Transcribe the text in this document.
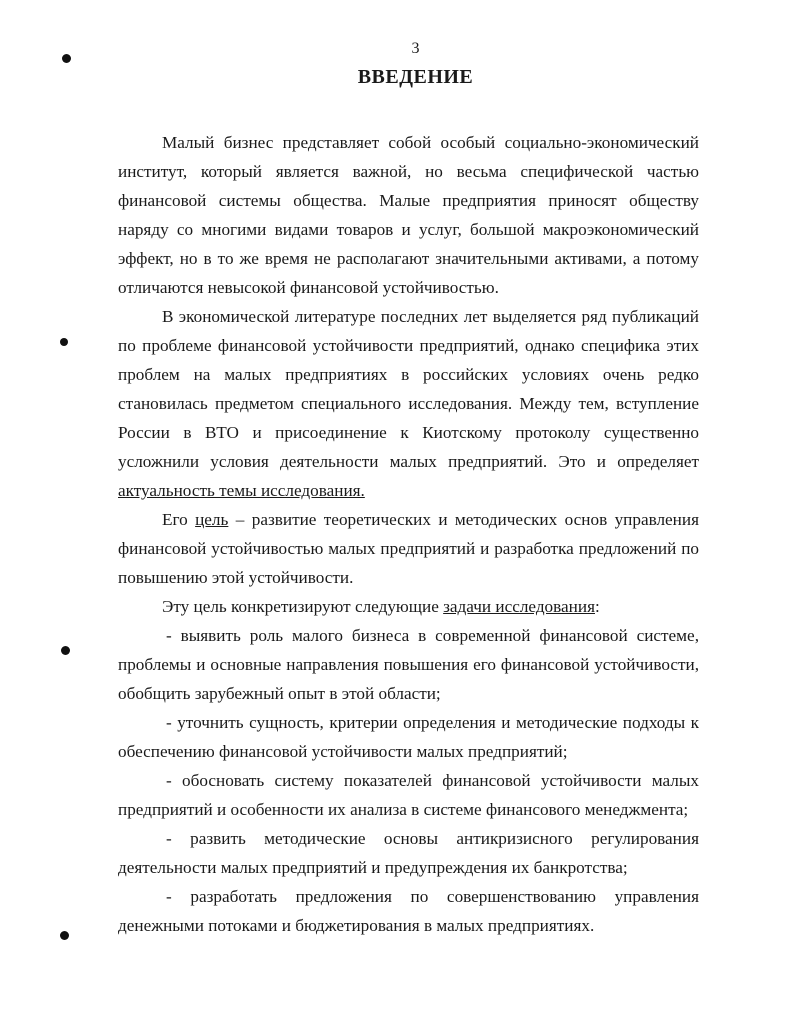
3
ВВЕДЕНИЕ

Малый бизнес представляет собой особый социально-экономический институт, который является важной, но весьма специфической частью финансовой системы общества. Малые предприятия приносят обществу наряду со многими видами товаров и услуг, большой макроэкономический эффект, но в то же время не располагают значительными активами, а потому отличаются невысокой финансовой устойчивостью.

В экономической литературе последних лет выделяется ряд публикаций по проблеме финансовой устойчивости предприятий, однако специфика этих проблем на малых предприятиях в российских условиях очень редко становилась предметом специального исследования. Между тем, вступление России в ВТО и присоединение к Киотскому протоколу существенно усложнили условия деятельности малых предприятий. Это и определяет актуальность темы исследования.

Его цель – развитие теоретических и методических основ управления финансовой устойчивостью малых предприятий и разработка предложений по повышению этой устойчивости.

Эту цель конкретизируют следующие задачи исследования:

- выявить роль малого бизнеса в современной финансовой системе, проблемы и основные направления повышения его финансовой устойчивости, обобщить зарубежный опыт в этой области;

- уточнить сущность, критерии определения и методические подходы к обеспечению финансовой устойчивости малых предприятий;

- обосновать систему показателей финансовой устойчивости малых предприятий и особенности их анализа в системе финансового менеджмента;

- развить методические основы антикризисного регулирования деятельности малых предприятий и предупреждения их банкротства;

- разработать предложения по совершенствованию управления денежными потоками и бюджетирования в малых предприятиях.
